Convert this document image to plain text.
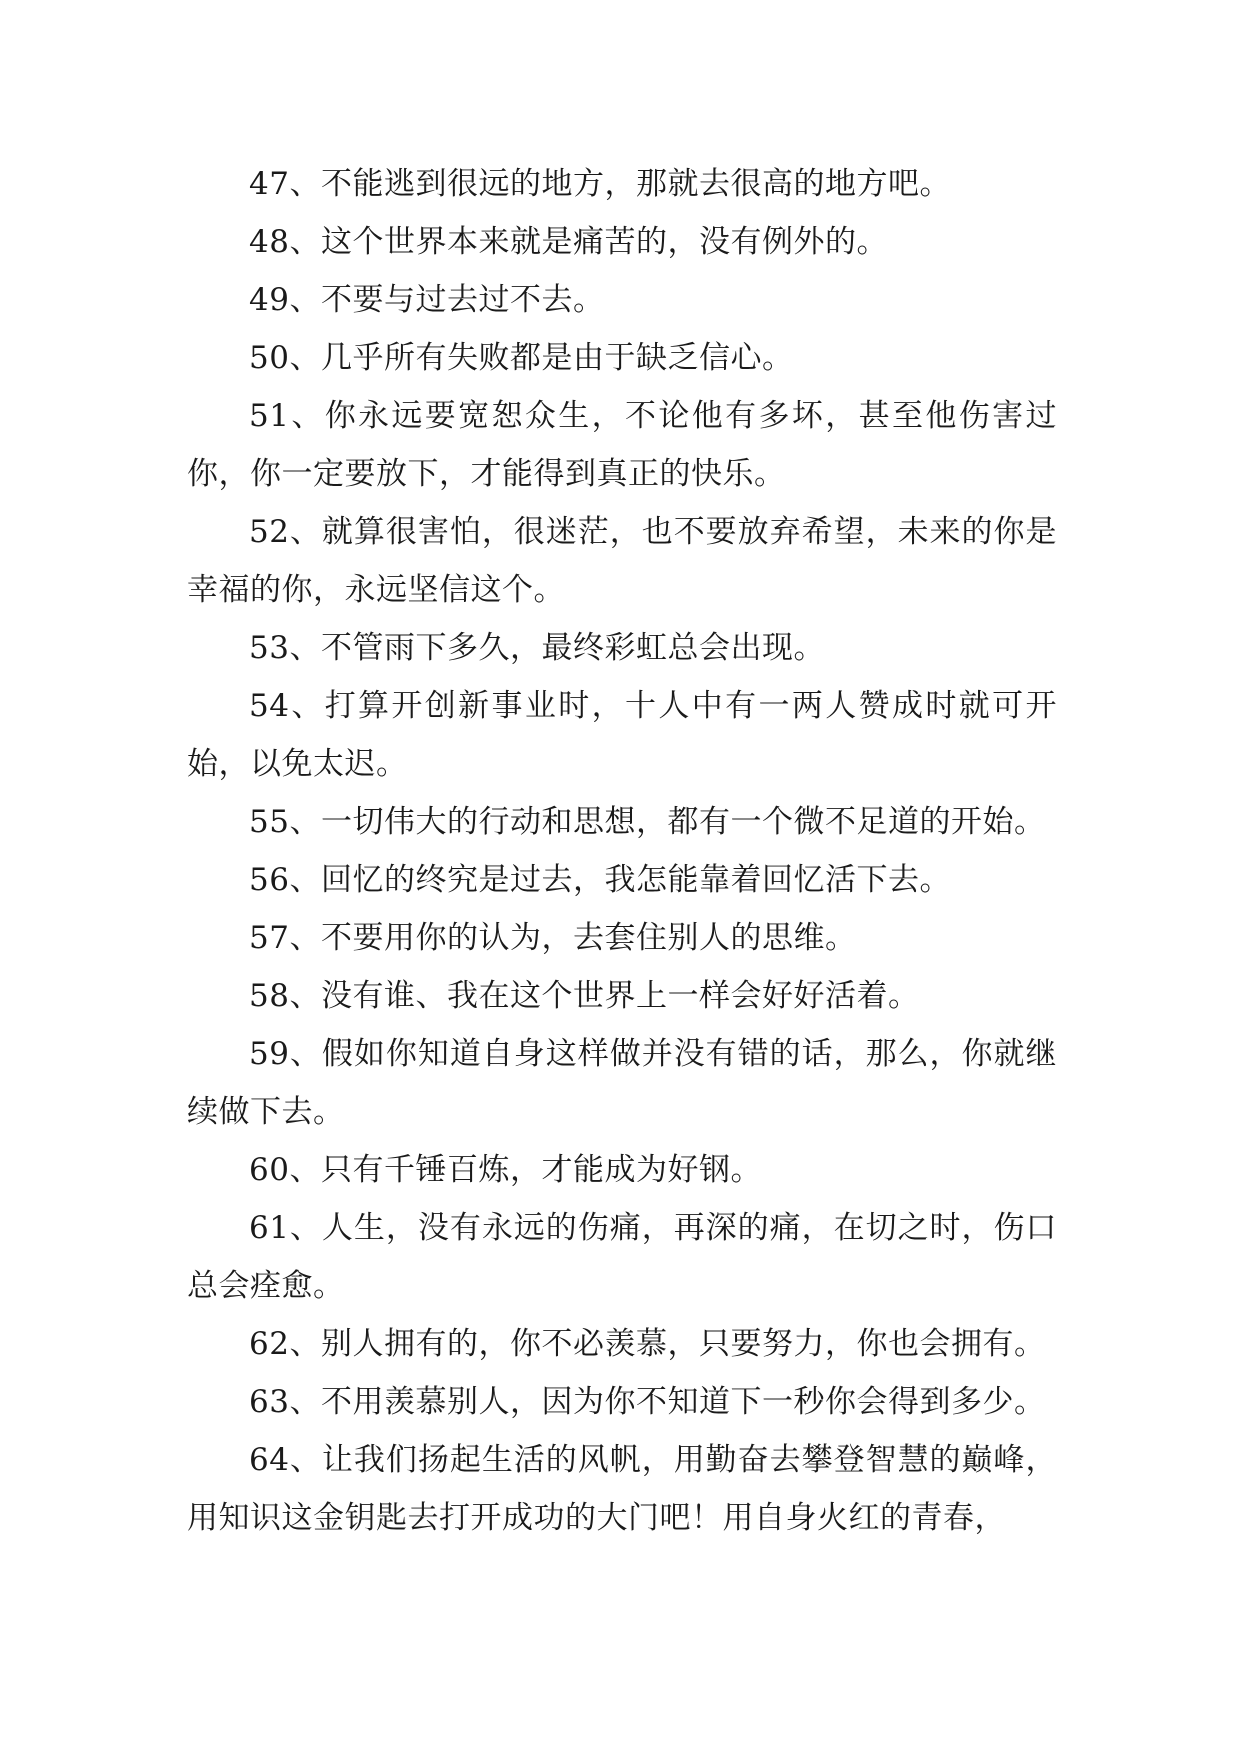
47、不能逃到很远的地方，那就去很高的地方吧。

48、这个世界本来就是痛苦的，没有例外的。

49、不要与过去过不去。

50、几乎所有失败都是由于缺乏信心。

51、你永远要宽恕众生，不论他有多坏，甚至他伤害过你，你一定要放下，才能得到真正的快乐。

52、就算很害怕，很迷茫，也不要放弃希望，未来的你是幸福的你，永远坚信这个。

53、不管雨下多久，最终彩虹总会出现。

54、打算开创新事业时，十人中有一两人赞成时就可开始，以免太迟。

55、一切伟大的行动和思想，都有一个微不足道的开始。

56、回忆的终究是过去，我怎能靠着回忆活下去。

57、不要用你的认为，去套住别人的思维。

58、没有谁、我在这个世界上一样会好好活着。

59、假如你知道自身这样做并没有错的话，那么，你就继续做下去。

60、只有千锤百炼，才能成为好钢。

61、人生，没有永远的伤痛，再深的痛，在切之时，伤口总会痊愈。

62、别人拥有的，你不必羡慕，只要努力，你也会拥有。

63、不用羡慕别人，因为你不知道下一秒你会得到多少。

64、让我们扬起生活的风帆，用勤奋去攀登智慧的巅峰，用知识这金钥匙去打开成功的大门吧！用自身火红的青春，
